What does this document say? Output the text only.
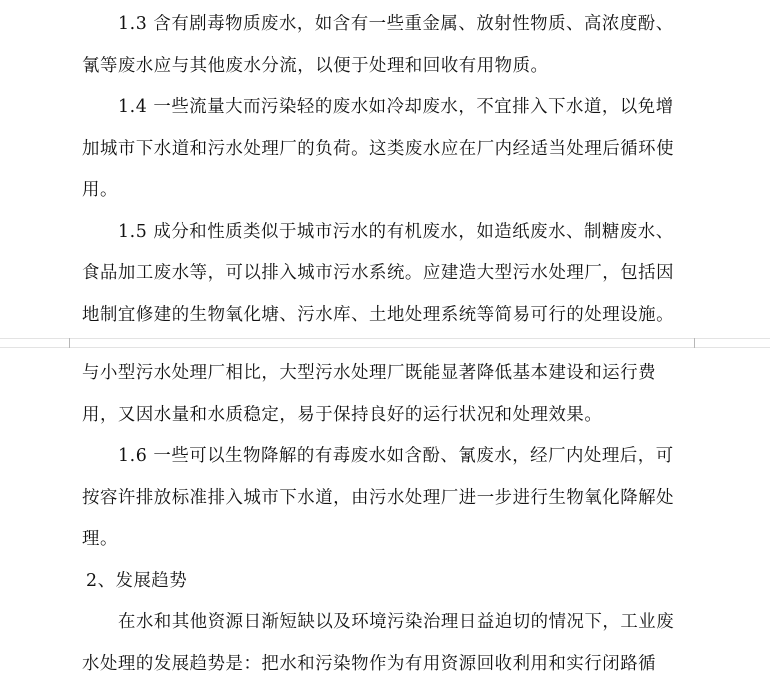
1.3 含有剧毒物质废水，如含有一些重金属、放射性物质、高浓度酚、
氰等废水应与其他废水分流，以便于处理和回收有用物质。
1.4 一些流量大而污染轻的废水如冷却废水，不宜排入下水道，以免增
加城市下水道和污水处理厂的负荷。这类废水应在厂内经适当处理后循环使
用。
1.5 成分和性质类似于城市污水的有机废水，如造纸废水、制糖废水、
食品加工废水等，可以排入城市污水系统。应建造大型污水处理厂，包括因
地制宜修建的生物氧化塘、污水库、土地处理系统等简易可行的处理设施。
与小型污水处理厂相比，大型污水处理厂既能显著降低基本建设和运行费
用，又因水量和水质稳定，易于保持良好的运行状况和处理效果。
1.6 一些可以生物降解的有毒废水如含酚、氰废水，经厂内处理后，可
按容许排放标准排入城市下水道，由污水处理厂进一步进行生物氧化降解处
理。
2、发展趋势
在水和其他资源日渐短缺以及环境污染治理日益迫切的情况下，工业废
水处理的发展趋势是：把水和污染物作为有用资源回收利用和实行闭路循
